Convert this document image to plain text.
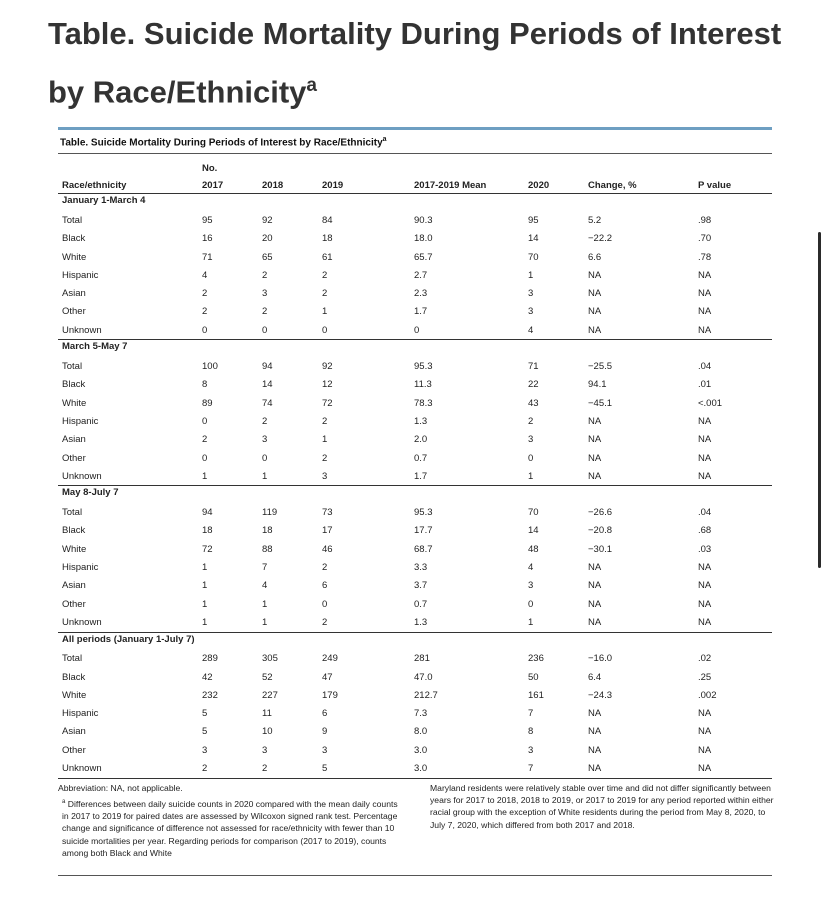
Table. Suicide Mortality During Periods of Interest by Race/Ethnicity$^a$
Table. Suicide Mortality During Periods of Interest by Race/Ethnicity$^a$
	No.						
Race/ethnicity	2017	2018	2019	2017-2019 Mean	2020	Change, %	P value
January 1-March 4							
Total	95	92	84	90.3	95	5.2	.98
Black	16	20	18	18.0	14	−22.2	.70
White	71	65	61	65.7	70	6.6	.78
Hispanic	4	2	2	2.7	1	NA	NA
Asian	2	3	2	2.3	3	NA	NA
Other	2	2	1	1.7	3	NA	NA
Unknown	0	0	0	0	4	NA	NA
March 5-May 7							
Total	100	94	92	95.3	71	−25.5	.04
Black	8	14	12	11.3	22	94.1	.01
White	89	74	72	78.3	43	−45.1	<.001
Hispanic	0	2	2	1.3	2	NA	NA
Asian	2	3	1	2.0	3	NA	NA
Other	0	0	2	0.7	0	NA	NA
Unknown	1	1	3	1.7	1	NA	NA
May 8-July 7							
Total	94	119	73	95.3	70	−26.6	.04
Black	18	18	17	17.7	14	−20.8	.68
White	72	88	46	68.7	48	−30.1	.03
Hispanic	1	7	2	3.3	4	NA	NA
Asian	1	4	6	3.7	3	NA	NA
Other	1	1	0	0.7	0	NA	NA
Unknown	1	1	2	1.3	1	NA	NA
All periods (January 1-July 7)							
Total	289	305	249	281	236	−16.0	.02
Black	42	52	47	47.0	50	6.4	.25
White	232	227	179	212.7	161	−24.3	.002
Hispanic	5	11	6	7.3	7	NA	NA
Asian	5	10	9	8.0	8	NA	NA
Other	3	3	3	3.0	3	NA	NA
Unknown	2	2	5	3.0	7	NA	NA
Abbreviation: NA, not applicable.
$^a$ Differences between daily suicide counts in 2020 compared with the mean daily counts in 2017 to 2019 for paired dates are assessed by Wilcoxon signed rank test. Percentage change and significance of difference not assessed for race/ethnicity with fewer than 10 suicide mortalities per year. Regarding periods for comparison (2017 to 2019), counts among both Black and White
Maryland residents were relatively stable over time and did not differ significantly between years for 2017 to 2018, 2018 to 2019, or 2017 to 2019 for any period reported within either racial group with the exception of White residents during the period from May 8, 2020, to July 7, 2020, which differed from both 2017 and 2018.
